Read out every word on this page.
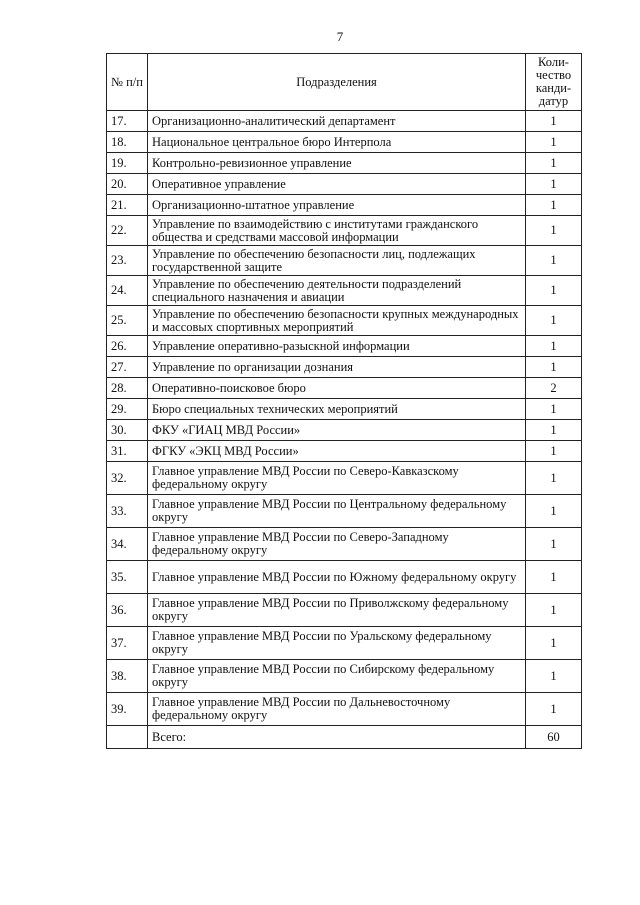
7
№ п/п	Подразделения	Коли-
чество
канди-
датур

17.	Организационно-аналитический департамент	1
18.	Национальное центральное бюро Интерпола	1
19.	Контрольно-ревизионное управление	1
20.	Оперативное управление	1
21.	Организационно-штатное управление	1
22.	Управление по взаимодействию с институтами гражданского общества и средствами массовой информации	1
23.	Управление по обеспечению безопасности лиц, подлежащих государственной защите	1
24.	Управление по обеспечению деятельности подразделений специального назначения и авиации	1
25.	Управление по обеспечению безопасности крупных международных и массовых спортивных мероприятий	1
26.	Управление оперативно-разыскной информации	1
27.	Управление по организации дознания	1
28.	Оперативно-поисковое бюро	2
29.	Бюро специальных технических мероприятий	1
30.	ФКУ «ГИАЦ МВД России»	1
31.	ФГКУ «ЭКЦ МВД России»	1
32.	Главное управление МВД России по Северо-Кавказскому федеральному округу	1
33.	Главное управление МВД России по Центральному федеральному округу	1
34.	Главное управление МВД России по Северо-Западному федеральному округу	1
35.	Главное управление МВД России по Южному федеральному округу	1
36.	Главное управление МВД России по Приволжскому федеральному округу	1
37.	Главное управление МВД России по Уральскому федеральному округу	1
38.	Главное управление МВД России по Сибирскому федеральному округу	1
39.	Главное управление МВД России по Дальневосточному федеральному округу	1
	Всего:	60
